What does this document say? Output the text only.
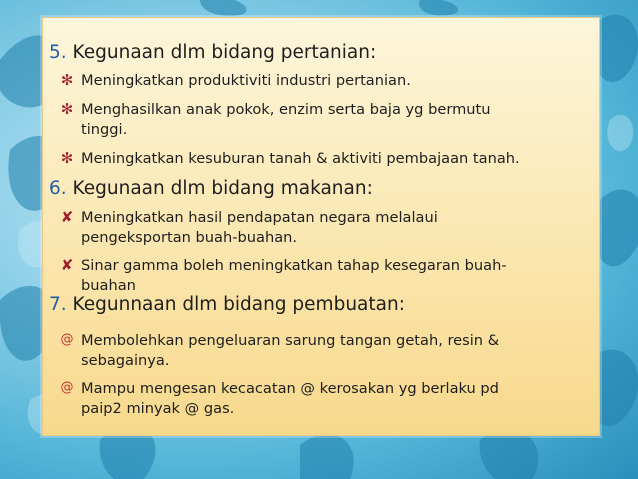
5. Kegunaan dlm bidang pertanian:
✻ Meningkatkan produktiviti industri pertanian.
✻ Menghasilkan anak pokok, enzim serta baja yg bermutu
tinggi.
✻ Meningkatkan kesuburan tanah & aktiviti pembajaan tanah.
6. Kegunaan dlm bidang makanan:
✘ Meningkatkan hasil pendapatan negara melalaui
pengeksportan buah-buahan.
✘ Sinar gamma boleh meningkatkan tahap kesegaran buah-
buahan
7. Kegunnaan dlm bidang pembuatan:
@ Membolehkan pengeluaran sarung tangan getah, resin &
sebagainya.
@ Mampu mengesan kecacatan @ kerosakan yg berlaku pd
paip2 minyak @ gas.
